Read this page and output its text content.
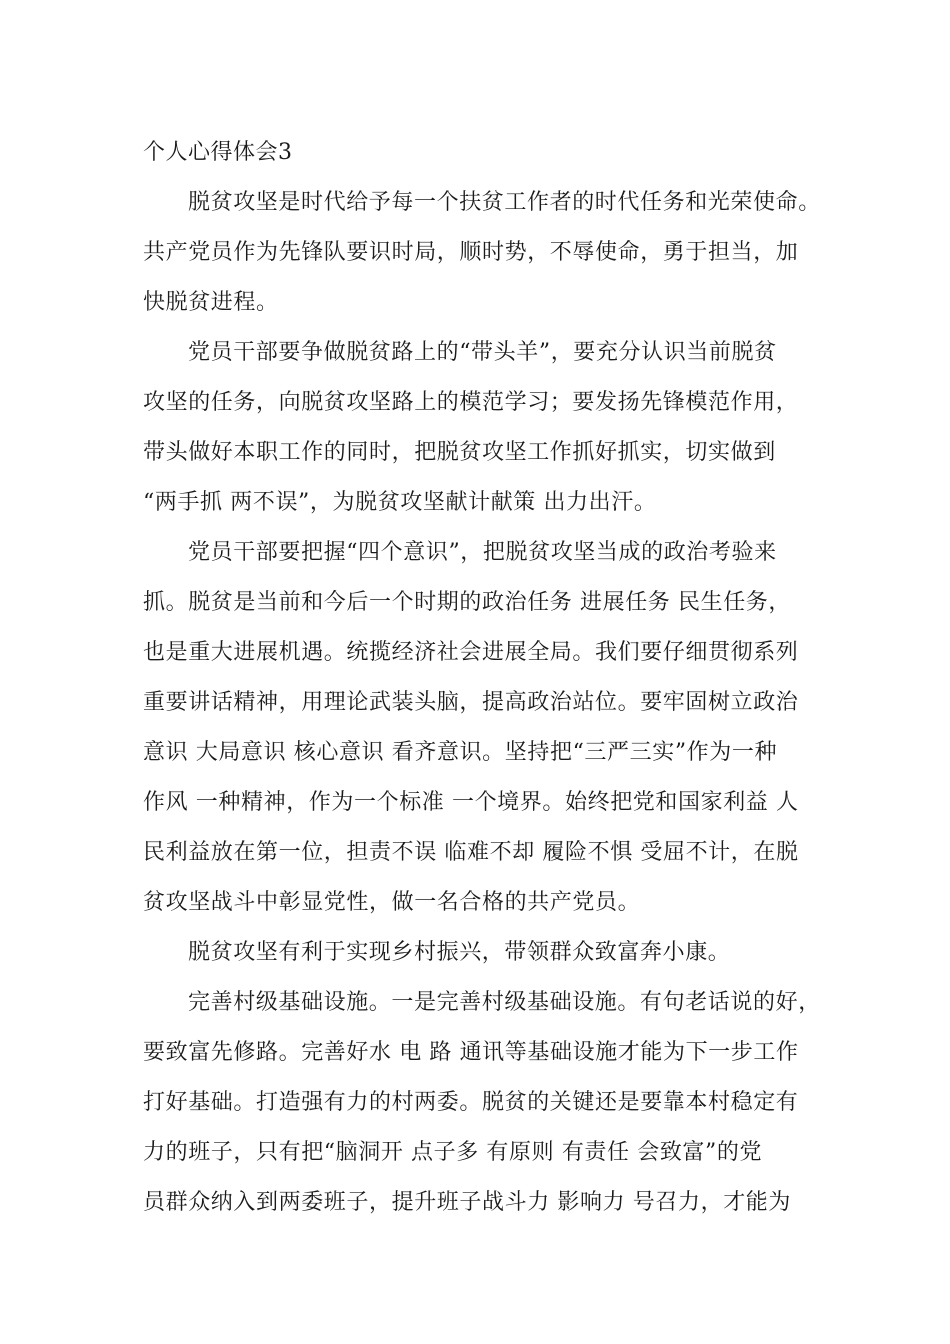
个人心得体会3
脱贫攻坚是时代给予每一个扶贫工作者的时代任务和光荣使命。
共产党员作为先锋队要识时局，顺时势，不辱使命，勇于担当，加
快脱贫进程。
党员干部要争做脱贫路上的“带头羊”，要充分认识当前脱贫
攻坚的任务，向脱贫攻坚路上的模范学习；要发扬先锋模范作用，
带头做好本职工作的同时，把脱贫攻坚工作抓好抓实，切实做到
“两手抓 两不误”，为脱贫攻坚献计献策 出力出汗。
党员干部要把握“四个意识”，把脱贫攻坚当成的政治考验来
抓。脱贫是当前和今后一个时期的政治任务 进展任务 民生任务，
也是重大进展机遇。统揽经济社会进展全局。我们要仔细贯彻系列
重要讲话精神，用理论武装头脑，提高政治站位。要牢固树立政治
意识 大局意识 核心意识 看齐意识。坚持把“三严三实”作为一种
作风 一种精神，作为一个标准 一个境界。始终把党和国家利益 人
民利益放在第一位，担责不误 临难不却 履险不惧 受屈不计，在脱
贫攻坚战斗中彰显党性，做一名合格的共产党员。
脱贫攻坚有利于实现乡村振兴，带领群众致富奔小康。
完善村级基础设施。一是完善村级基础设施。有句老话说的好，
要致富先修路。完善好水 电 路 通讯等基础设施才能为下一步工作
打好基础。打造强有力的村两委。脱贫的关键还是要靠本村稳定有
力的班子，只有把“脑洞开 点子多 有原则 有责任 会致富”的党
员群众纳入到两委班子，提升班子战斗力 影响力 号召力，才能为
